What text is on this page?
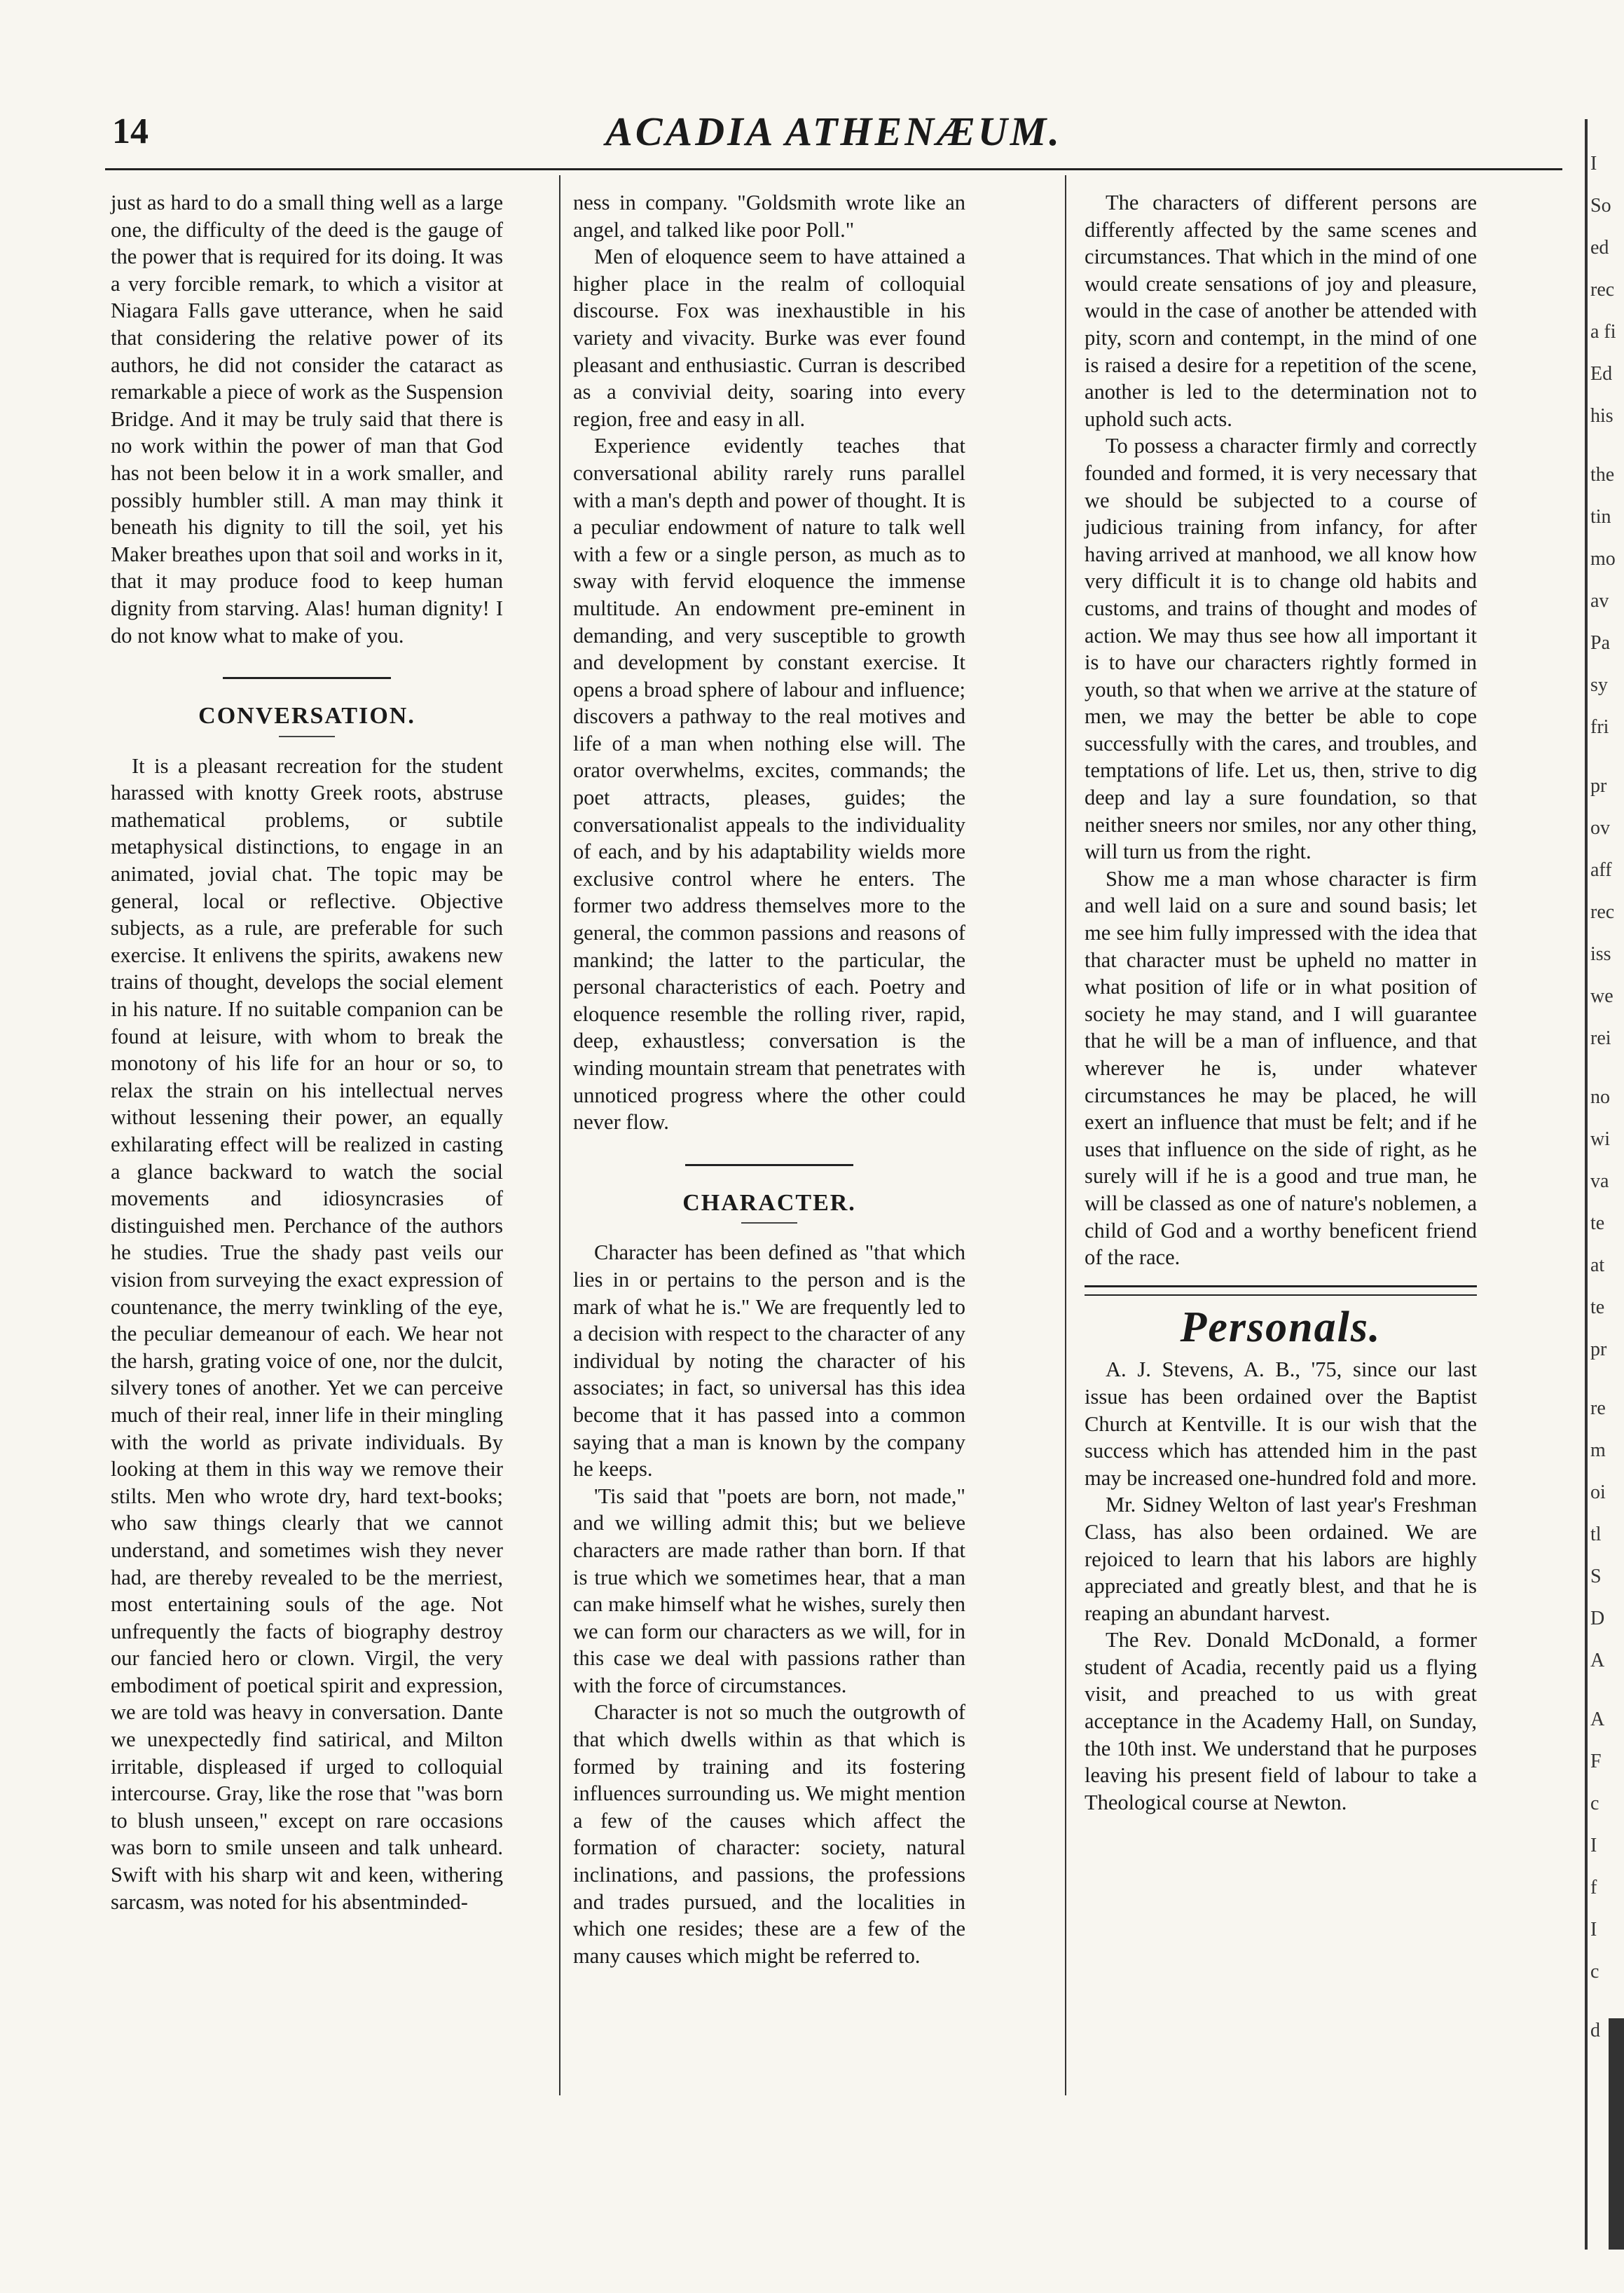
14	ACADIA ATHENÆUM.

just as hard to do a small thing well as a large one, the difficulty of the deed is the gauge of the power that is required for its doing. It was a very forcible remark, to which a visitor at Niagara Falls gave utterance, when he said that considering the relative power of its authors, he did not consider the cataract as remarkable a piece of work as the Suspension Bridge. And it may be truly said that there is no work within the power of man that God has not been below it in a work smaller, and possibly humbler still. A man may think it beneath his dignity to till the soil, yet his Maker breathes upon that soil and works in it, that it may produce food to keep human dignity from starving. Alas! human dignity! I do not know what to make of you.

CONVERSATION.

It is a pleasant recreation for the student harassed with knotty Greek roots, abstruse mathematical problems, or subtile metaphysical distinctions, to engage in an animated, jovial chat. The topic may be general, local or reflective. Objective subjects, as a rule, are preferable for such exercise. It enlivens the spirits, awakens new trains of thought, develops the social element in his nature. If no suitable companion can be found at leisure, with whom to break the monotony of his life for an hour or so, to relax the strain on his intellectual nerves without lessening their power, an equally exhilarating effect will be realized in casting a glance backward to watch the social movements and idiosyncrasies of distinguished men. Perchance of the authors he studies. True the shady past veils our vision from surveying the exact expression of countenance, the merry twinkling of the eye, the peculiar demeanour of each. We hear not the harsh, grating voice of one, nor the dulcit, silvery tones of another. Yet we can perceive much of their real, inner life in their mingling with the world as private individuals. By looking at them in this way we remove their stilts. Men who wrote dry, hard text-books; who saw things clearly that we cannot understand, and sometimes wish they never had, are thereby revealed to be the merriest, most entertaining souls of the age. Not unfrequently the facts of biography destroy our fancied hero or clown. Virgil, the very embodiment of poetical spirit and expression, we are told was heavy in conversation. Dante we unexpectedly find satirical, and Milton irritable, displeased if urged to colloquial intercourse. Gray, like the rose that "was born to blush unseen," except on rare occasions was born to smile unseen and talk unheard. Swift with his sharp wit and keen, withering sarcasm, was noted for his absentminded-

ness in company. "Goldsmith wrote like an angel, and talked like poor Poll."

Men of eloquence seem to have attained a higher place in the realm of colloquial discourse. Fox was inexhaustible in his variety and vivacity. Burke was ever found pleasant and enthusiastic. Curran is described as a convivial deity, soaring into every region, free and easy in all.

Experience evidently teaches that conversational ability rarely runs parallel with a man's depth and power of thought. It is a peculiar endowment of nature to talk well with a few or a single person, as much as to sway with fervid eloquence the immense multitude. An endowment pre-eminent in demanding, and very susceptible to growth and development by constant exercise. It opens a broad sphere of labour and influence; discovers a pathway to the real motives and life of a man when nothing else will. The orator overwhelms, excites, commands; the poet attracts, pleases, guides; the conversationalist appeals to the individuality of each, and by his adaptability wields more exclusive control where he enters. The former two address themselves more to the general, the common passions and reasons of mankind; the latter to the particular, the personal characteristics of each. Poetry and eloquence resemble the rolling river, rapid, deep, exhaustless; conversation is the winding mountain stream that penetrates with unnoticed progress where the other could never flow.

CHARACTER.

Character has been defined as "that which lies in or pertains to the person and is the mark of what he is." We are frequently led to a decision with respect to the character of any individual by noting the character of his associates; in fact, so universal has this idea become that it has passed into a common saying that a man is known by the company he keeps.

'Tis said that "poets are born, not made," and we willing admit this; but we believe characters are made rather than born. If that is true which we sometimes hear, that a man can make himself what he wishes, surely then we can form our characters as we will, for in this case we deal with passions rather than with the force of circumstances.

Character is not so much the outgrowth of that which dwells within as that which is formed by training and its fostering influences surrounding us. We might mention a few of the causes which affect the formation of character: society, natural inclinations, and passions, the professions and trades pursued, and the localities in which one resides; these are a few of the many causes which might be referred to.

The characters of different persons are differently affected by the same scenes and circumstances. That which in the mind of one would create sensations of joy and pleasure, would in the case of another be attended with pity, scorn and contempt, in the mind of one is raised a desire for a repetition of the scene, another is led to the determination not to uphold such acts.

To possess a character firmly and correctly founded and formed, it is very necessary that we should be subjected to a course of judicious training from infancy, for after having arrived at manhood, we all know how very difficult it is to change old habits and customs, and trains of thought and modes of action. We may thus see how all important it is to have our characters rightly formed in youth, so that when we arrive at the stature of men, we may the better be able to cope successfully with the cares, and troubles, and temptations of life. Let us, then, strive to dig deep and lay a sure foundation, so that neither sneers nor smiles, nor any other thing, will turn us from the right.

Show me a man whose character is firm and well laid on a sure and sound basis; let me see him fully impressed with the idea that that character must be upheld no matter in what position of life or in what position of society he may stand, and I will guarantee that he will be a man of influence, and that wherever he is, under whatever circumstances he may be placed, he will exert an influence that must be felt; and if he uses that influence on the side of right, as he surely will if he is a good and true man, he will be classed as one of nature's noblemen, a child of God and a worthy beneficent friend of the race.

Personals.

A. J. Stevens, A. B., '75, since our last issue has been ordained over the Baptist Church at Kentville. It is our wish that the success which has attended him in the past may be increased one-hundred fold and more.

Mr. Sidney Welton of last year's Freshman Class, has also been ordained. We are rejoiced to learn that his labors are highly appreciated and greatly blest, and that he is reaping an abundant harvest.

The Rev. Donald McDonald, a former student of Acadia, recently paid us a flying visit, and preached to us with great acceptance in the Academy Hall, on Sunday, the 10th inst. We understand that he purposes leaving his present field of labour to take a Theological course at Newton.

I
So
ed
rec
a fi
Ed
his
the
tin
mo
av
Pa
sy
fri
pr
ov
aff
rec
iss
we
rei
no
wi
va
te
at
te
pr
re
m
oi
tl
S
D
A
A
F
c
I
f
I
c
d
